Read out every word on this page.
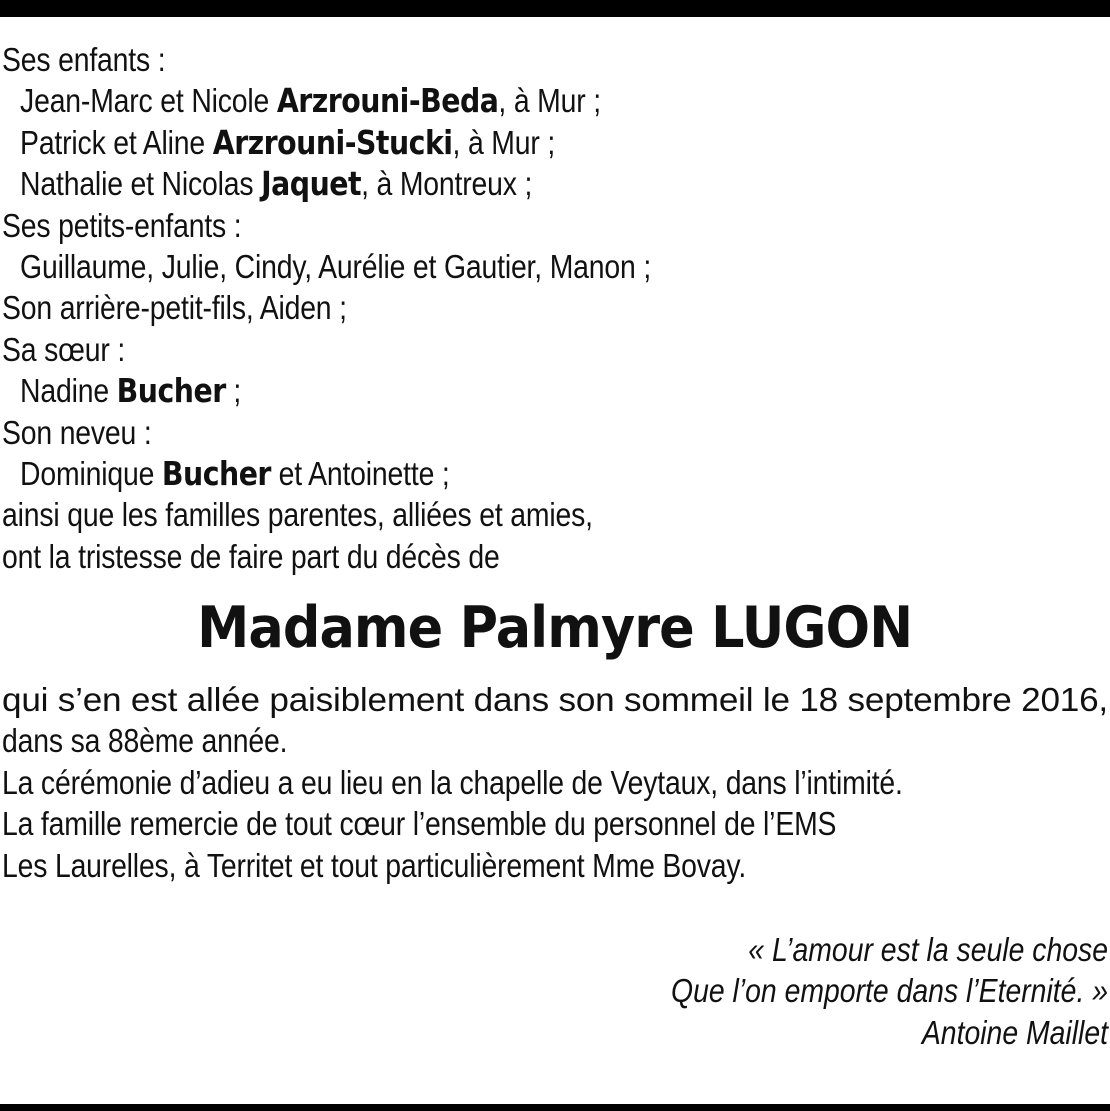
Ses enfants :
Jean-Marc et Nicole Arzrouni-Beda, à Mur ;
Patrick et Aline Arzrouni-Stucki, à Mur ;
Nathalie et Nicolas Jaquet, à Montreux ;
Ses petits-enfants :
Guillaume, Julie, Cindy, Aurélie et Gautier, Manon ;
Son arrière-petit-fils, Aiden ;
Sa sœur :
Nadine Bucher ;
Son neveu :
Dominique Bucher et Antoinette ;
ainsi que les familles parentes, alliées et amies,
ont la tristesse de faire part du décès de
Madame Palmyre LUGON
qui s’en est allée paisiblement dans son sommeil le 18 septembre 2016,
dans sa 88ème année.
La cérémonie d’adieu a eu lieu en la chapelle de Veytaux, dans l’intimité.
La famille remercie de tout cœur l’ensemble du personnel de l’EMS
Les Laurelles, à Territet et tout particulièrement Mme Bovay.
« L’amour est la seule chose
Que l’on emporte dans l’Eternité. »
Antoine Maillet
